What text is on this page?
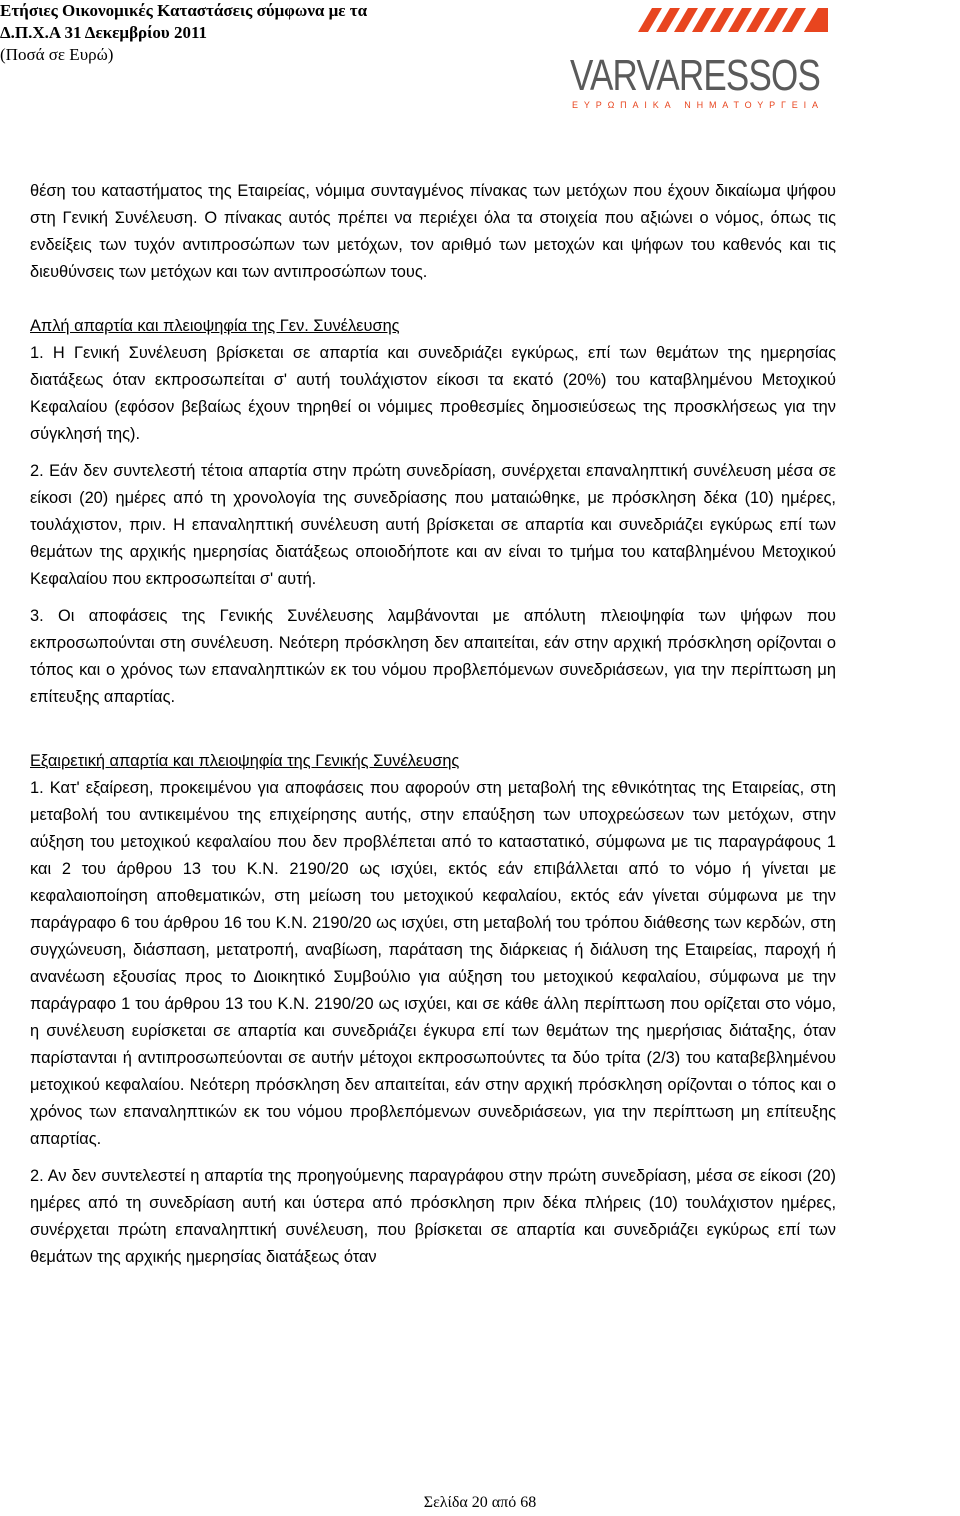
Ετήσιες Οικονομικές Καταστάσεις σύμφωνα με τα
Δ.Π.Χ.Α 31 Δεκεμβρίου 2011
(Ποσά σε Ευρώ)	VARVARESSOS
ΕΥΡΩΠΑΙΚΑ ΝΗΜΑΤΟΥΡΓΕΙΑ

θέση του καταστήματος της Εταιρείας, νόμιμα συνταγμένος πίνακας των μετόχων που έχουν δικαίωμα ψήφου στη Γενική Συνέλευση. Ο πίνακας αυτός πρέπει να περιέχει όλα τα στοιχεία που αξιώνει ο νόμος, όπως τις ενδείξεις των τυχόν αντιπροσώπων των μετόχων, τον αριθμό των μετοχών και ψήφων του καθενός και τις διευθύνσεις των μετόχων και των αντιπροσώπων τους.

Απλή απαρτία και πλειοψηφία της Γεν. Συνέλευσης

1. Η Γενική Συνέλευση βρίσκεται σε απαρτία και συνεδριάζει εγκύρως, επί των θεμάτων της ημερησίας διατάξεως όταν εκπροσωπείται σ' αυτή τουλάχιστον είκοσι τα εκατό (20%) του καταβλημένου Μετοχικού Κεφαλαίου (εφόσον βεβαίως έχουν τηρηθεί οι νόμιμες προθεσμίες δημοσιεύσεως της προσκλήσεως για την σύγκλησή της).

2. Εάν δεν συντελεστή τέτοια απαρτία στην πρώτη συνεδρίαση, συνέρχεται επαναληπτική συνέλευση μέσα σε είκοσι (20) ημέρες από τη χρονολογία της συνεδρίασης που ματαιώθηκε, με πρόσκληση δέκα (10) ημέρες, τουλάχιστον, πριν. Η επαναληπτική συνέλευση αυτή βρίσκεται σε απαρτία και συνεδριάζει εγκύρως επί των θεμάτων της αρχικής ημερησίας διατάξεως οποιοδήποτε και αν είναι το τμήμα του καταβλημένου Μετοχικού Κεφαλαίου που εκπροσωπείται σ' αυτή.

3. Οι αποφάσεις της Γενικής Συνέλευσης λαμβάνονται με απόλυτη πλειοψηφία των ψήφων που εκπροσωπούνται στη συνέλευση. Νεότερη πρόσκληση δεν απαιτείται, εάν στην αρχική πρόσκληση ορίζονται ο τόπος και ο χρόνος των επαναληπτικών εκ του νόμου προβλεπόμενων συνεδριάσεων, για την περίπτωση μη επίτευξης απαρτίας.

Εξαιρετική απαρτία και πλειοψηφία της Γενικής Συνέλευσης

1. Κατ' εξαίρεση, προκειμένου για αποφάσεις που αφορούν στη μεταβολή της εθνικότητας της Εταιρείας, στη μεταβολή του αντικειμένου της επιχείρησης αυτής, στην επαύξηση των υποχρεώσεων των μετόχων, στην αύξηση του μετοχικού κεφαλαίου που δεν προβλέπεται από το καταστατικό, σύμφωνα με τις παραγράφους 1 και 2 του άρθρου 13 του Κ.Ν. 2190/20 ως ισχύει, εκτός εάν επιβάλλεται από το νόμο ή γίνεται με κεφαλαιοποίηση αποθεματικών, στη μείωση του μετοχικού κεφαλαίου, εκτός εάν γίνεται σύμφωνα με την παράγραφο 6 του άρθρου 16 του Κ.Ν. 2190/20 ως ισχύει, στη μεταβολή του τρόπου διάθεσης των κερδών, στη συγχώνευση, διάσπαση, μετατροπή, αναβίωση, παράταση της διάρκειας ή διάλυση της Εταιρείας, παροχή ή ανανέωση εξουσίας προς το Διοικητικό Συμβούλιο για αύξηση του μετοχικού κεφαλαίου, σύμφωνα με την παράγραφο 1 του άρθρου 13 του Κ.Ν. 2190/20 ως ισχύει, και σε κάθε άλλη περίπτωση που ορίζεται στο νόμο, η συνέλευση ευρίσκεται σε απαρτία και συνεδριάζει έγκυρα επί των θεμάτων της ημερήσιας διάταξης, όταν παρίστανται ή αντιπροσωπεύονται σε αυτήν μέτοχοι εκπροσωπούντες τα δύο τρίτα (2/3) του καταβεβλημένου μετοχικού κεφαλαίου. Νεότερη πρόσκληση δεν απαιτείται, εάν στην αρχική πρόσκληση ορίζονται ο τόπος και ο χρόνος των επαναληπτικών εκ του νόμου προβλεπόμενων συνεδριάσεων, για την περίπτωση μη επίτευξης απαρτίας.

2. Αν δεν συντελεστεί η απαρτία της προηγούμενης παραγράφου στην πρώτη συνεδρίαση, μέσα σε είκοσι (20) ημέρες από τη συνεδρίαση αυτή και ύστερα από πρόσκληση πριν δέκα πλήρεις (10) τουλάχιστον ημέρες, συνέρχεται πρώτη επαναληπτική συνέλευση, που βρίσκεται σε απαρτία και συνεδριάζει εγκύρως επί των θεμάτων της αρχικής ημερησίας διατάξεως όταν

Σελίδα 20 από 68
